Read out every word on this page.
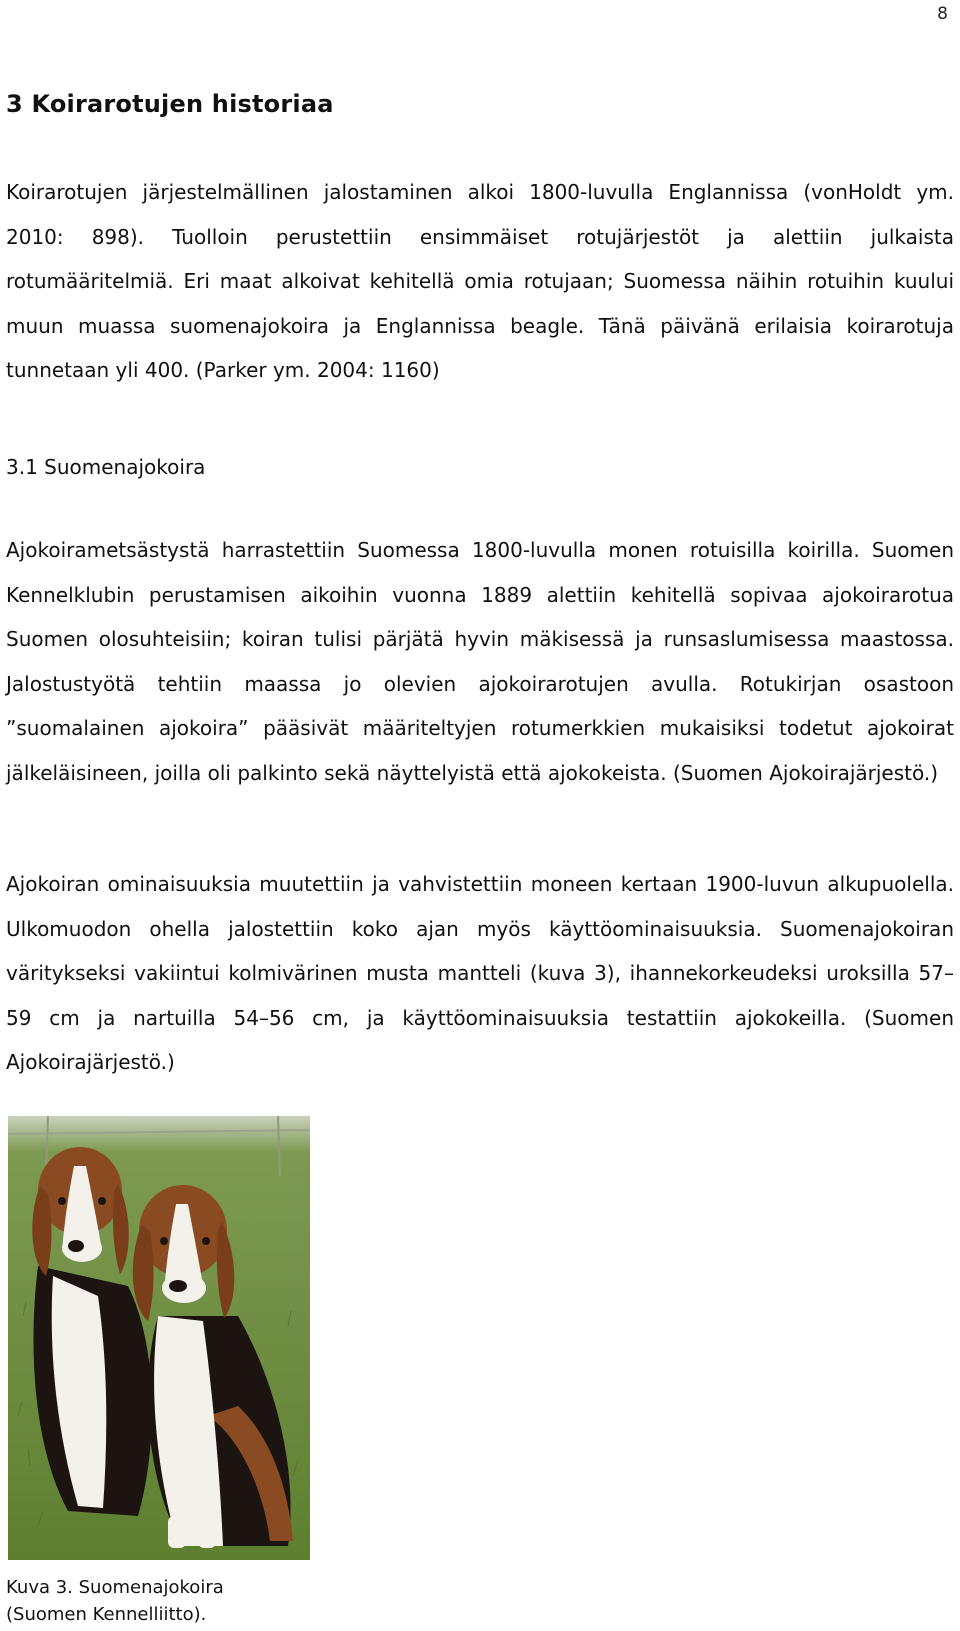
8
3 Koirarotujen historiaa

Koirarotujen järjestelmällinen jalostaminen alkoi 1800-luvulla Englannissa (vonHoldt ym. 2010: 898). Tuolloin perustettiin ensimmäiset rotujärjestöt ja alettiin julkaista rotumääritelmiä. Eri maat alkoivat kehitellä omia rotujaan; Suomessa näihin rotuihin kuului muun muassa suomenajokoira ja Englannissa beagle. Tänä päivänä erilaisia koirarotuja tunnetaan yli 400. (Parker ym. 2004: 1160)

3.1 Suomenajokoira

Ajokoirametsästystä harrastettiin Suomessa 1800-luvulla monen rotuisilla koirilla. Suomen Kennelklubin perustamisen aikoihin vuonna 1889 alettiin kehitellä sopivaa ajokoirarotua Suomen olosuhteisiin; koiran tulisi pärjätä hyvin mäkisessä ja runsaslumisessa maastossa. Jalostustyötä tehtiin maassa jo olevien ajokoirarotujen avulla. Rotukirjan osastoon ”suomalainen ajokoira” pääsivät määriteltyjen rotumerkkien mukaisiksi todetut ajokoirat jälkeläisineen, joilla oli palkinto sekä näyttelyistä että ajokokeista. (Suomen Ajokoirajärjestö.)

Ajokoiran ominaisuuksia muutettiin ja vahvistettiin moneen kertaan 1900-luvun alkupuolella. Ulkomuodon ohella jalostettiin koko ajan myös käyttöominaisuuksia. Suomenajokoiran väritykseksi vakiintui kolmivärinen musta mantteli (kuva 3), ihannekorkeudeksi uroksilla 57–59 cm ja nartuilla 54–56 cm, ja käyttöominaisuuksia testattiin ajokokeilla. (Suomen Ajokoirajärjestö.)

Kuva 3. Suomenajokoira (Suomen Kennelliitto).
